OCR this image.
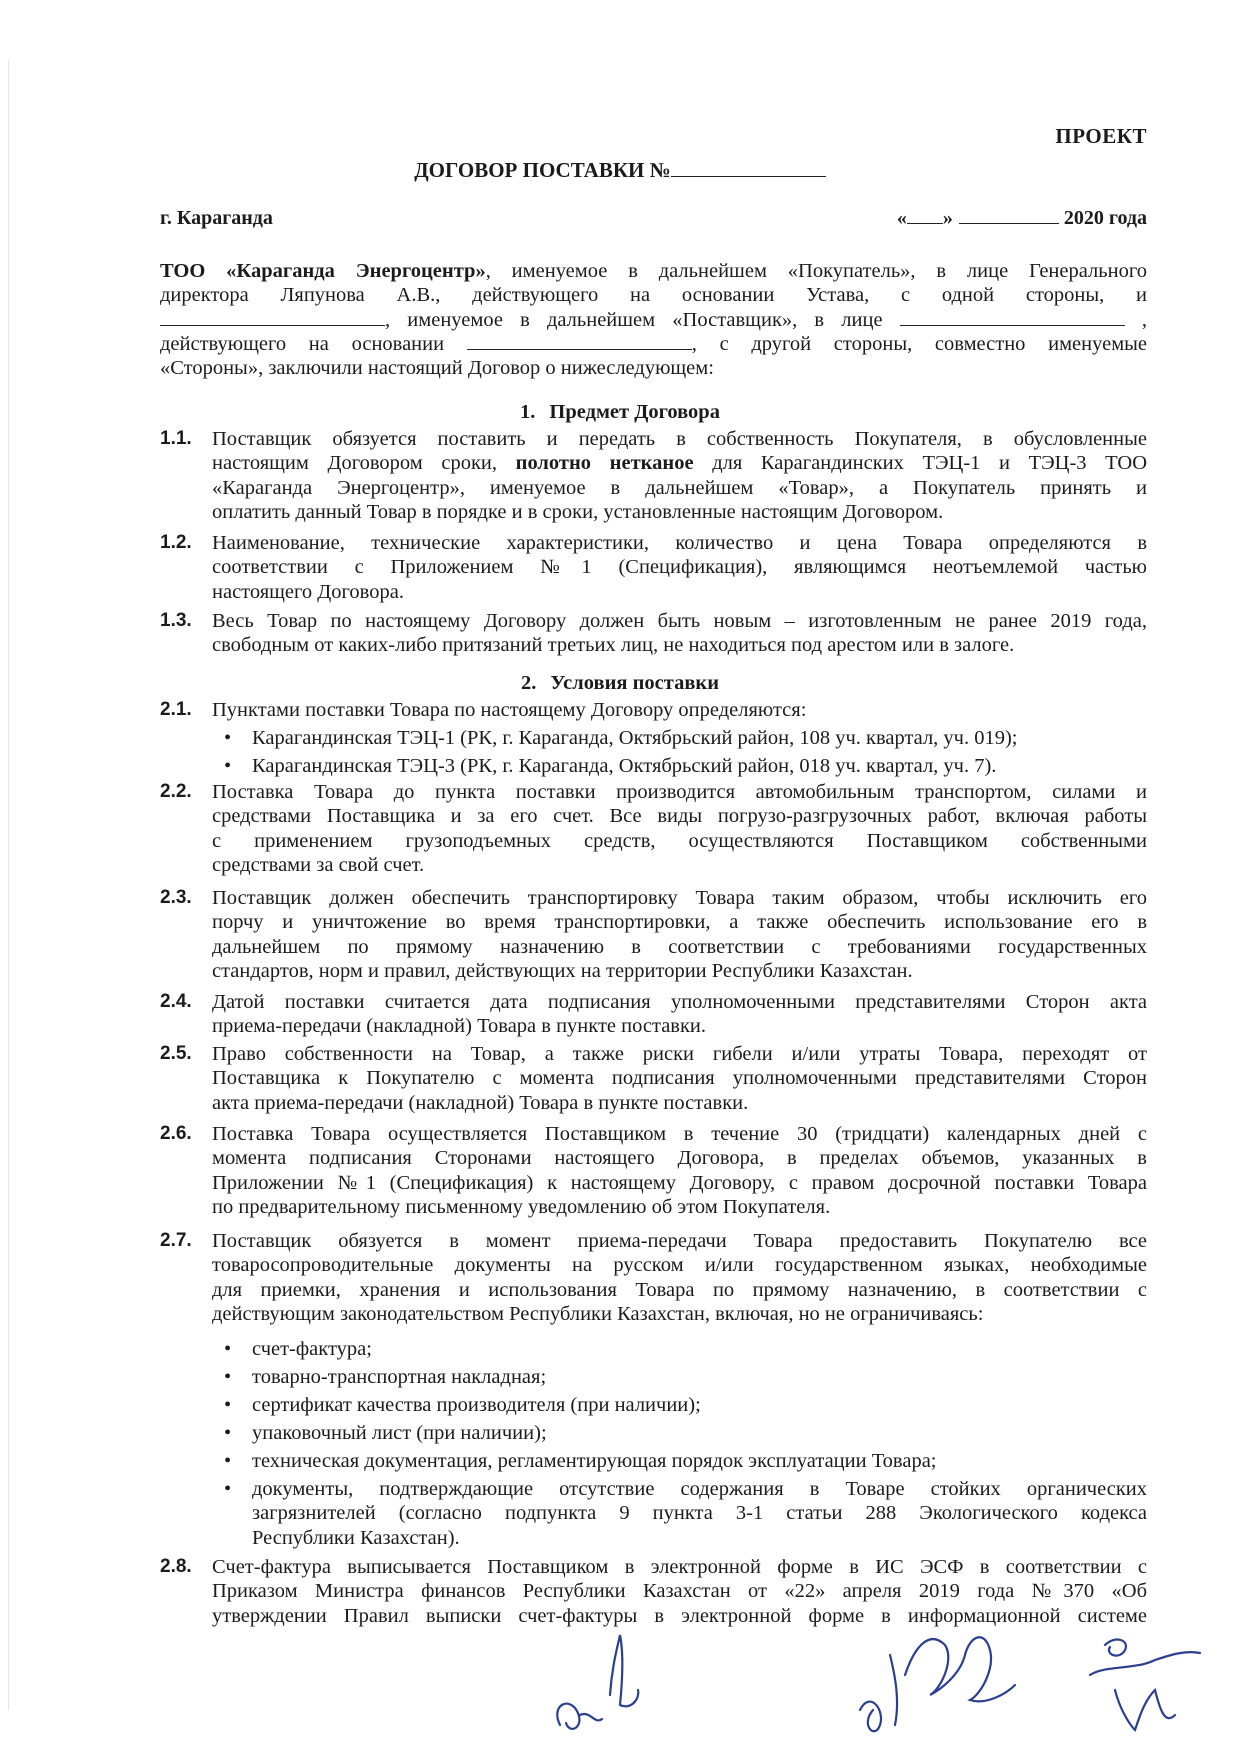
ПРОЕКТ
ДОГОВОР ПОСТАВКИ №
г. Караганда	« »	2020 года
ТОО «Караганда Энергоцентр», именуемое в дальнейшем «Покупатель», в лице Генерального
директора Ляпунова А.В., действующего на основании Устава, с одной стороны, и
, именуемое в дальнейшем «Поставщик», в лице	,
действующего на основании	, с другой стороны, совместно именуемые
«Стороны», заключили настоящий Договор о нижеследующем:
1. Предмет Договора
1.1. Поставщик обязуется поставить и передать в собственность Покупателя, в обусловленные
настоящим Договором сроки, полотно нетканое для Карагандинских ТЭЦ-1 и ТЭЦ-3 ТОО
«Караганда Энергоцентр», именуемое в дальнейшем «Товар», а Покупатель принять и
оплатить данный Товар в порядке и в сроки, установленные настоящим Договором.
1.2. Наименование, технические характеристики, количество и цена Товара определяются в
соответствии с Приложением №1 (Спецификация), являющимся неотъемлемой частью
настоящего Договора.
1.3. Весь Товар по настоящему Договору должен быть новым – изготовленным не ранее 2019 года,
свободным от каких-либо притязаний третьих лиц, не находиться под арестом или в залоге.
2. Условия поставки
2.1. Пунктами поставки Товара по настоящему Договору определяются:
• Карагандинская ТЭЦ-1 (РК, г. Караганда, Октябрьский район, 108 уч. квартал, уч. 019);
• Карагандинская ТЭЦ-3 (РК, г. Караганда, Октябрьский район, 018 уч. квартал, уч. 7).
2.2. Поставка Товара до пункта поставки производится автомобильным транспортом, силами и
средствами Поставщика и за его счет. Все виды погрузо-разгрузочных работ, включая работы
с применением грузоподъемных средств, осуществляются Поставщиком собственными
средствами за свой счет.
2.3. Поставщик должен обеспечить транспортировку Товара таким образом, чтобы исключить его
порчу и уничтожение во время транспортировки, а также обеспечить использование его в
дальнейшем по прямому назначению в соответствии с требованиями государственных
стандартов, норм и правил, действующих на территории Республики Казахстан.
2.4. Датой поставки считается дата подписания уполномоченными представителями Сторон акта
приема-передачи (накладной) Товара в пункте поставки.
2.5. Право собственности на Товар, а также риски гибели и/или утраты Товара, переходят от
Поставщика к Покупателю с момента подписания уполномоченными представителями Сторон
акта приема-передачи (накладной) Товара в пункте поставки.
2.6. Поставка Товара осуществляется Поставщиком в течение 30 (тридцати) календарных дней с
момента подписания Сторонами настоящего Договора, в пределах объемов, указанных в
Приложении №1 (Спецификация) к настоящему Договору, с правом досрочной поставки Товара
по предварительному письменному уведомлению об этом Покупателя.
2.7. Поставщик обязуется в момент приема-передачи Товара предоставить Покупателю все
товаросопроводительные документы на русском и/или государственном языках, необходимые
для приемки, хранения и использования Товара по прямому назначению, в соответствии с
действующим законодательством Республики Казахстан, включая, но не ограничиваясь:
• счет-фактура;
• товарно-транспортная накладная;
• сертификат качества производителя (при наличии);
• упаковочный лист (при наличии);
• техническая документация, регламентирующая порядок эксплуатации Товара;
• документы, подтверждающие отсутствие содержания в Товаре стойких органических
загрязнителей (согласно подпункта 9 пункта 3-1 статьи 288 Экологического кодекса
Республики Казахстан).
2.8. Счет-фактура выписывается Поставщиком в электронной форме в ИС ЭСФ в соответствии с
Приказом Министра финансов Республики Казахстан от «22» апреля 2019 года №370 «Об
утверждении Правил выписки счет-фактуры в электронной форме в информационной системе
